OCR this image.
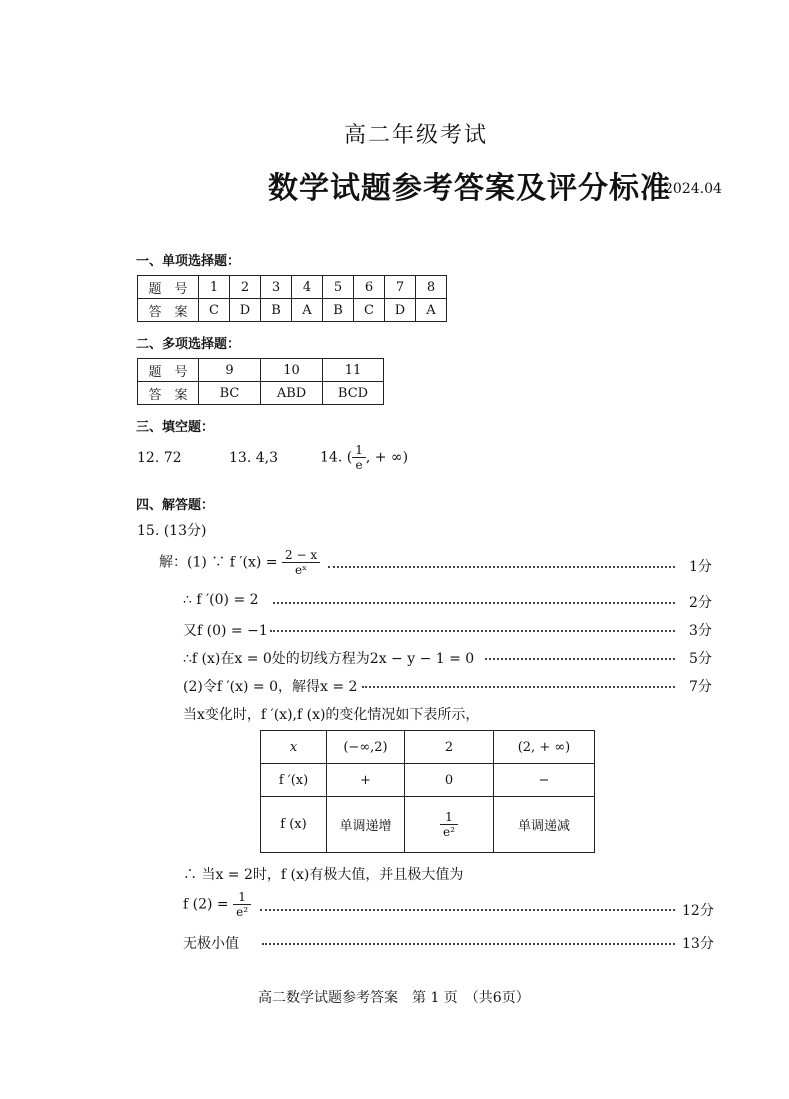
高二年级考试
数学试题参考答案及评分标准
2024.04
一、单项选择题：
题　号	1	2	3	4	5	6	7	8
答　案	C	D	B	A	B	C	D	A
二、多项选择题：
题　号	9	10	11
答　案	BC	ABD	BCD
三、填空题：
12. 72	13. 4,3	14. ( $\frac{1}{e}$ , + ∞)
四、解答题：
15. (13分)
解：(1) ∵ f $'(x) = \frac{2 - x}{\text{eˣ}}$	1分
∴ f ′(0) = 2	2分
又f (0) = −1	3分
∴f (x)在x = 0处的切线方程为2x − y − 1 = 0	5分
(2)令f ′(x) = 0，解得x = 2	7分
当x变化时，f ′(x),f (x)的变化情况如下表所示，
x	(−∞,2)	2	(2, + ∞)
f ′(x)	+	0	−
f (x)	单调递增	$\frac{1}{\text{e²}}$	单调递减
∴ 当x = 2时，f (x)有极大值，并且极大值为
f $(2) = \frac{1}{\text{e²}}$	12分
无极小值	13分
高二数学试题参考答案　第 1 页　（共6页）
